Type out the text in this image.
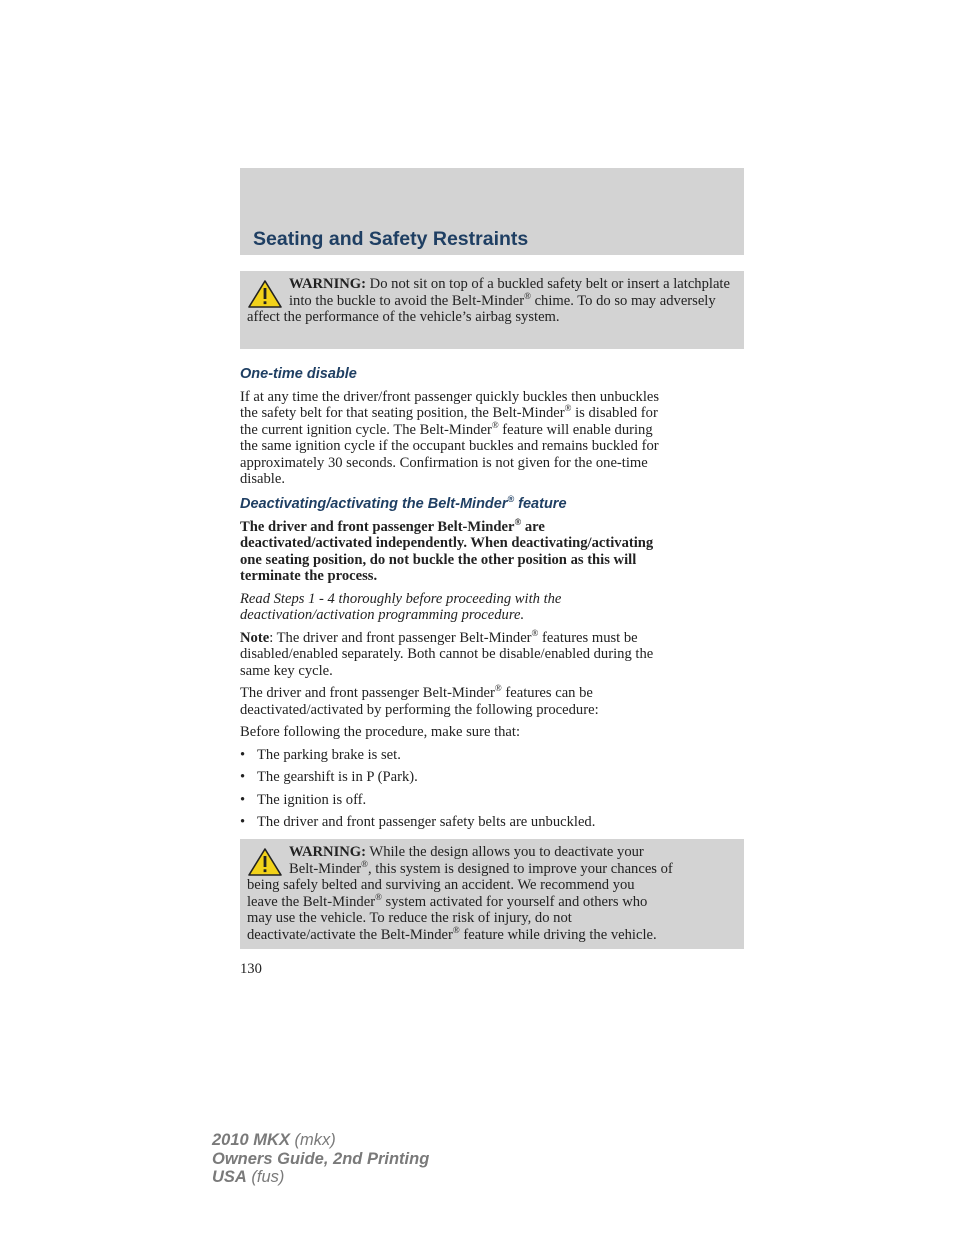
Seating and Safety Restraints
WARNING: Do not sit on top of a buckled safety belt or insert a latchplate into the buckle to avoid the Belt-Minder® chime. To do so may adversely affect the performance of the vehicle’s airbag system.
One-time disable
If at any time the driver/front passenger quickly buckles then unbuckles
the safety belt for that seating position, the Belt-Minder® is disabled for
the current ignition cycle. The Belt-Minder® feature will enable during
the same ignition cycle if the occupant buckles and remains buckled for
approximately 30 seconds. Confirmation is not given for the one-time
disable.
Deactivating/activating the Belt-Minder® feature
The driver and front passenger Belt-Minder® are
deactivated/activated independently. When deactivating/activating
one seating position, do not buckle the other position as this will
terminate the process.
Read Steps 1 - 4 thoroughly before proceeding with the
deactivation/activation programming procedure.
Note: The driver and front passenger Belt-Minder® features must be
disabled/enabled separately. Both cannot be disable/enabled during the
same key cycle.
The driver and front passenger Belt-Minder® features can be
deactivated/activated by performing the following procedure:
Before following the procedure, make sure that:
• The parking brake is set.
• The gearshift is in P (Park).
• The ignition is off.
• The driver and front passenger safety belts are unbuckled.
WARNING: While the design allows you to deactivate your
Belt-Minder®, this system is designed to improve your chances of
being safely belted and surviving an accident. We recommend you
leave the Belt-Minder® system activated for yourself and others who
may use the vehicle. To reduce the risk of injury, do not
deactivate/activate the Belt-Minder® feature while driving the vehicle.
130
2010 MKX (mkx)
Owners Guide, 2nd Printing
USA (fus)
